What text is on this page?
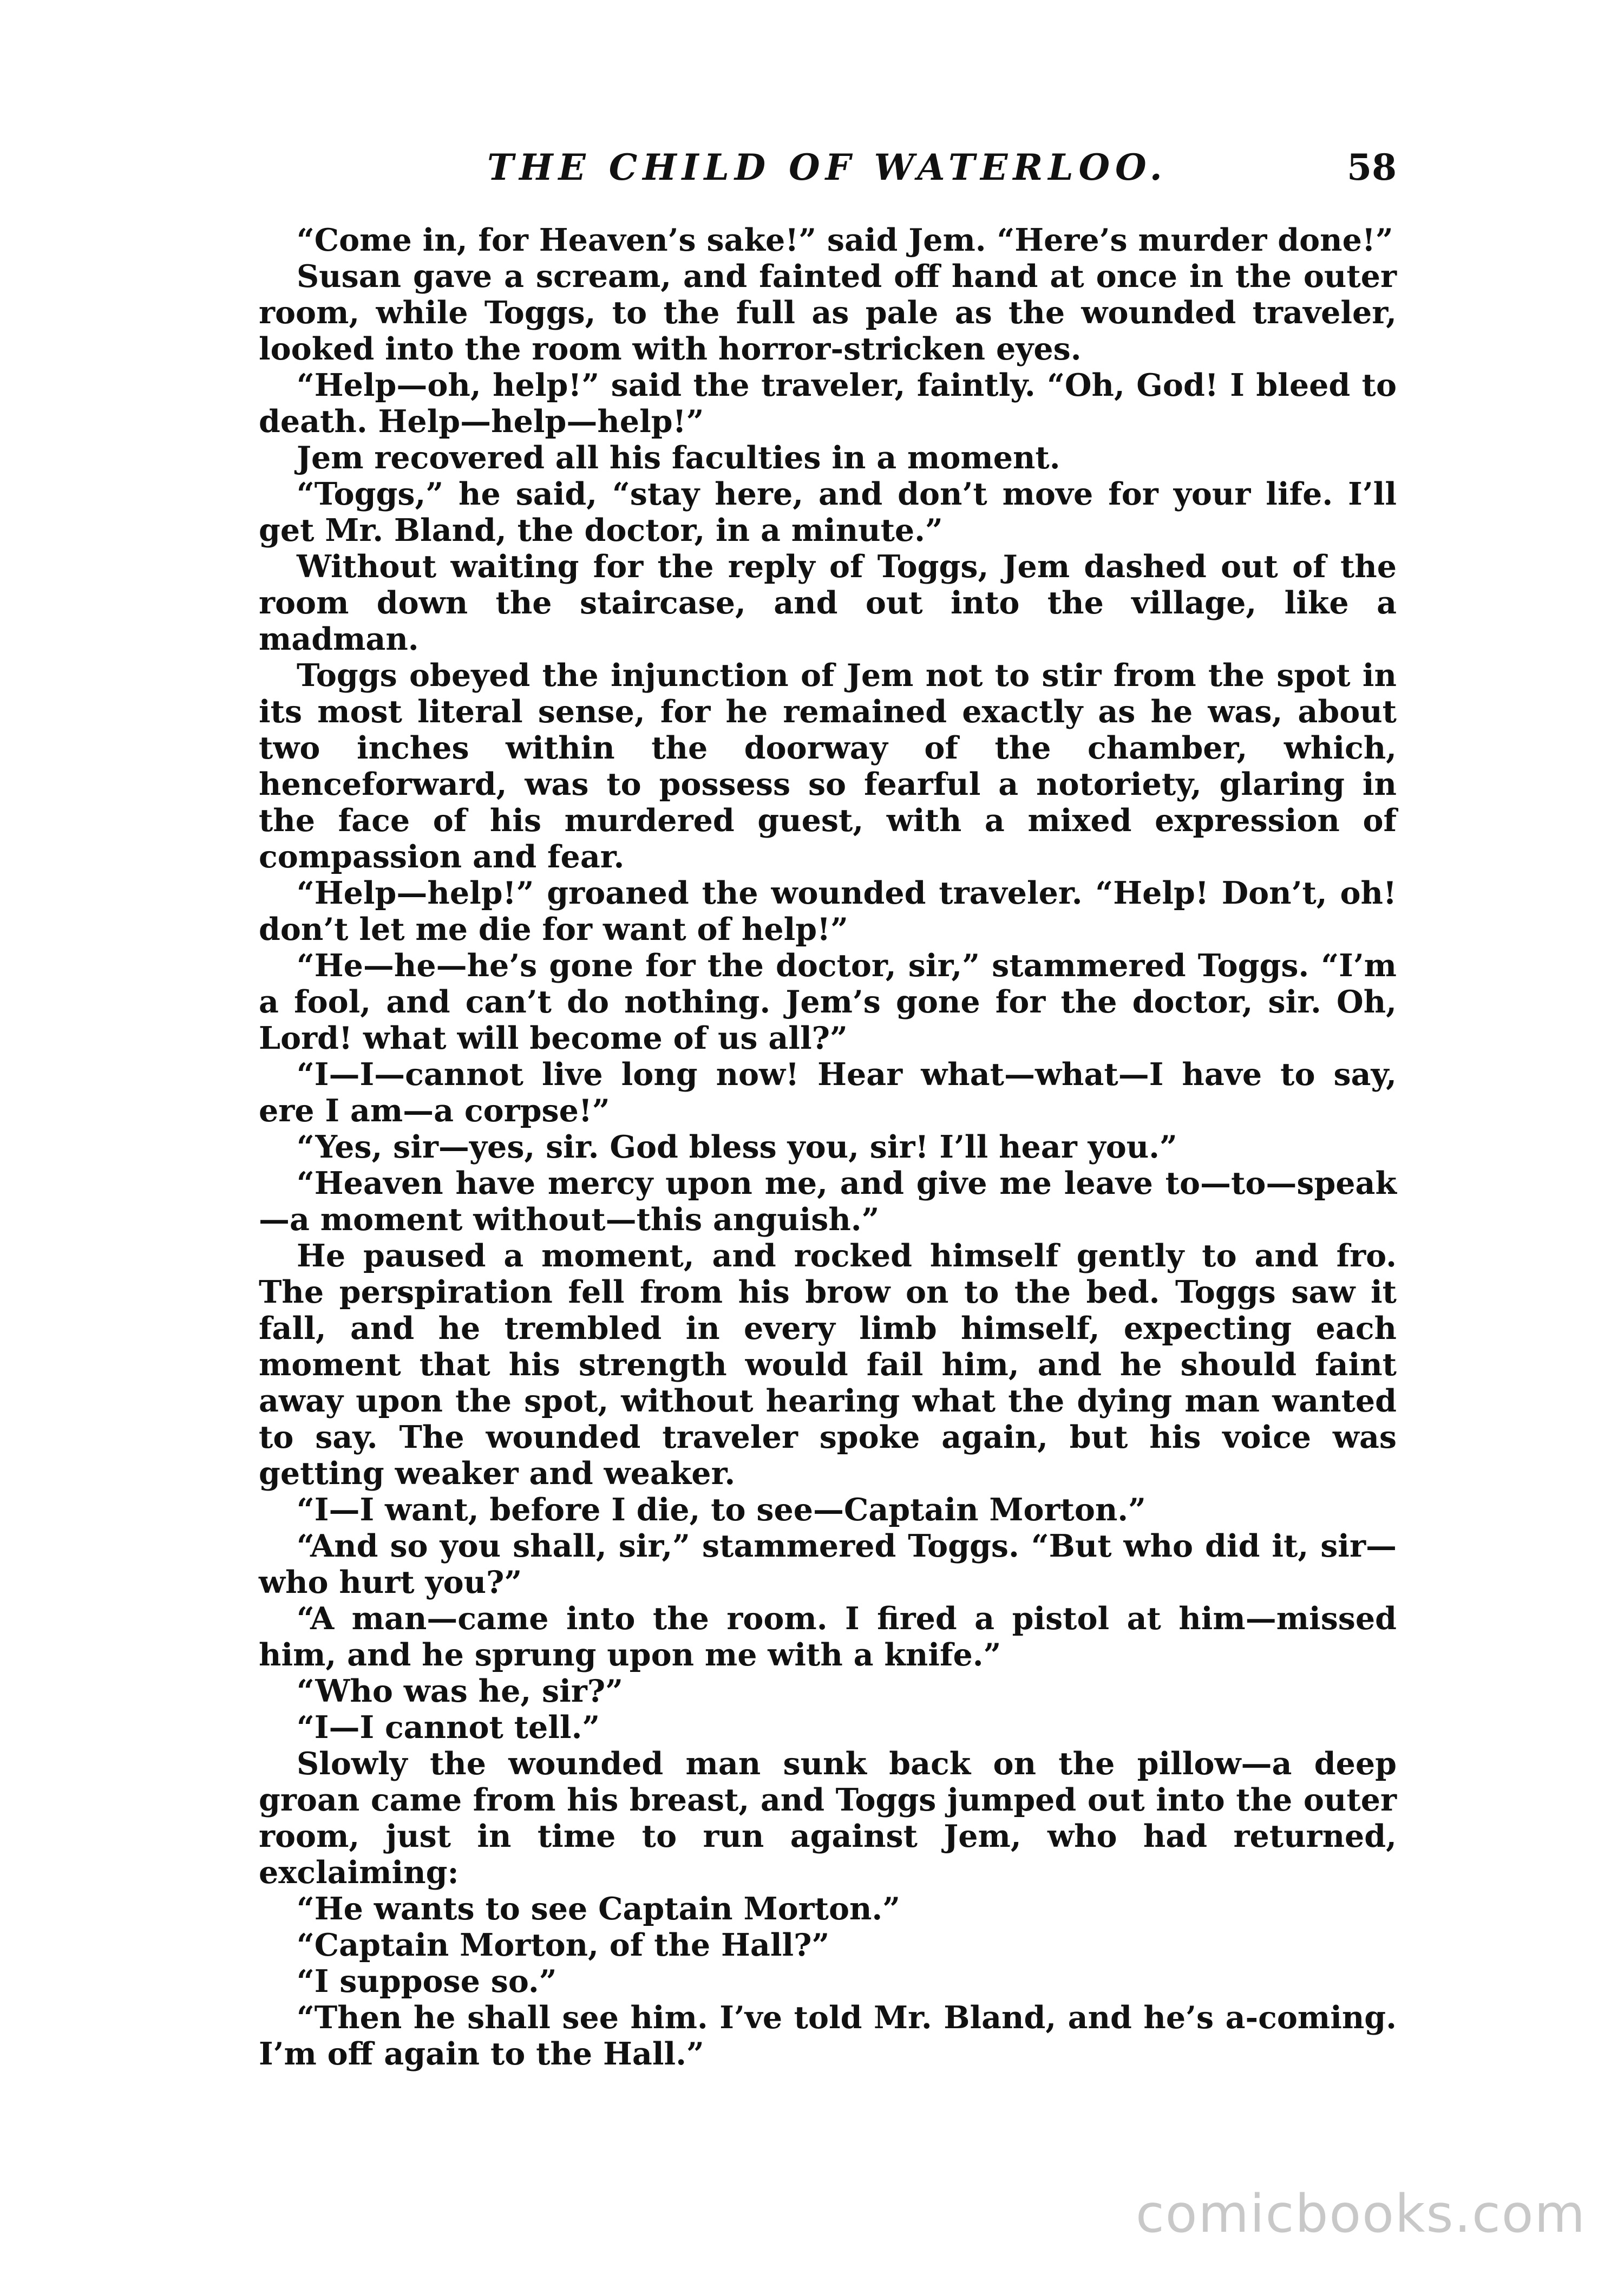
THE CHILD OF WATERLOO.	58

“Come in, for Heaven’s sake!” said Jem. “Here’s murder done!”

Susan gave a scream, and fainted off hand at once in the outer room, while Toggs, to the full as pale as the wounded traveler, looked into the room with horror-stricken eyes.

“Help—oh, help!” said the traveler, faintly. “Oh, God! I bleed to death. Help—help—help!”

Jem recovered all his faculties in a moment.

“Toggs,” he said, “stay here, and don’t move for your life. I’ll get Mr. Bland, the doctor, in a minute.”

Without waiting for the reply of Toggs, Jem dashed out of the room down the staircase, and out into the village, like a madman.

Toggs obeyed the injunction of Jem not to stir from the spot in its most literal sense, for he remained exactly as he was, about two inches within the doorway of the chamber, which, henceforward, was to possess so fearful a notoriety, glaring in the face of his murdered guest, with a mixed expression of compassion and fear.

“Help—help!” groaned the wounded traveler. “Help! Don’t, oh! don’t let me die for want of help!”

“He—he—he’s gone for the doctor, sir,” stammered Toggs. “I’m a fool, and can’t do nothing. Jem’s gone for the doctor, sir. Oh, Lord! what will become of us all?”

“I—I—cannot live long now! Hear what—what—I have to say, ere I am—a corpse!”

“Yes, sir—yes, sir. God bless you, sir! I’ll hear you.”

“Heaven have mercy upon me, and give me leave to—to—speak—a moment without—this anguish.”

He paused a moment, and rocked himself gently to and fro. The perspiration fell from his brow on to the bed. Toggs saw it fall, and he trembled in every limb himself, expecting each moment that his strength would fail him, and he should faint away upon the spot, without hearing what the dying man wanted to say. The wounded traveler spoke again, but his voice was getting weaker and weaker.

“I—I want, before I die, to see—Captain Morton.”

“And so you shall, sir,” stammered Toggs. “But who did it, sir—who hurt you?”

“A man—came into the room. I fired a pistol at him—missed him, and he sprung upon me with a knife.”

“Who was he, sir?”

“I—I cannot tell.”

Slowly the wounded man sunk back on the pillow—a deep groan came from his breast, and Toggs jumped out into the outer room, just in time to run against Jem, who had returned, exclaiming:

“He wants to see Captain Morton.”

“Captain Morton, of the Hall?”

“I suppose so.”

“Then he shall see him. I’ve told Mr. Bland, and he’s a-coming. I’m off again to the Hall.”

comicbooks.com
